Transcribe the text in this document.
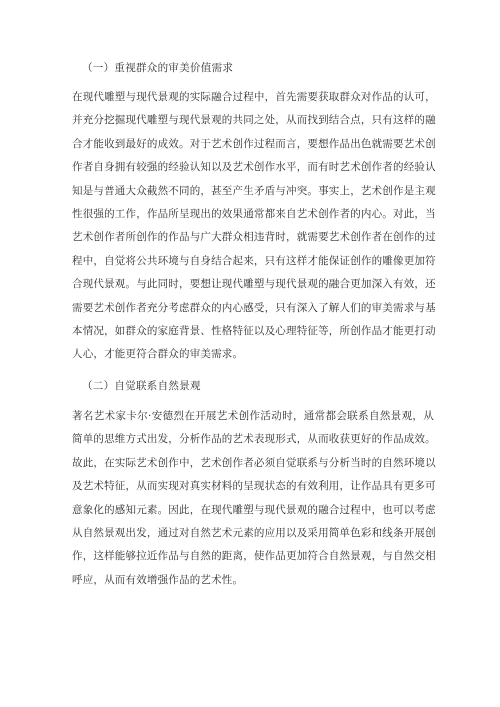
（一）重视群众的审美价值需求
在现代雕塑与现代景观的实际融合过程中，首先需要获取群众对作品的认可，
并充分挖掘现代雕塑与现代景观的共同之处，从而找到结合点，只有这样的融
合才能收到最好的成效。对于艺术创作过程而言，要想作品出色就需要艺术创
作者自身拥有较强的经验认知以及艺术创作水平，而有时艺术创作者的经验认
知是与普通大众截然不同的，甚至产生矛盾与冲突。事实上，艺术创作是主观
性很强的工作，作品所呈现出的效果通常都来自艺术创作者的内心。对此，当
艺术创作者所创作的作品与广大群众相违背时，就需要艺术创作者在创作的过
程中，自觉将公共环境与自身结合起来，只有这样才能保证创作的雕像更加符
合现代景观。与此同时，要想让现代雕塑与现代景观的融合更加深入有效，还
需要艺术创作者充分考虑群众的内心感受，只有深入了解人们的审美需求与基
本情况，如群众的家庭背景、性格特征以及心理特征等，所创作品才能更打动
人心，才能更符合群众的审美需求。
（二）自觉联系自然景观
著名艺术家卡尔·安德烈在开展艺术创作活动时，通常都会联系自然景观，从
简单的思维方式出发，分析作品的艺术表现形式，从而收获更好的作品成效。
故此，在实际艺术创作中，艺术创作者必须自觉联系与分析当时的自然环境以
及艺术特征，从而实现对真实材料的呈现状态的有效利用，让作品具有更多可
意象化的感知元素。因此，在现代雕塑与现代景观的融合过程中，也可以考虑
从自然景观出发，通过对自然艺术元素的应用以及采用简单色彩和线条开展创
作，这样能够拉近作品与自然的距离，使作品更加符合自然景观，与自然交相
呼应，从而有效增强作品的艺术性。
